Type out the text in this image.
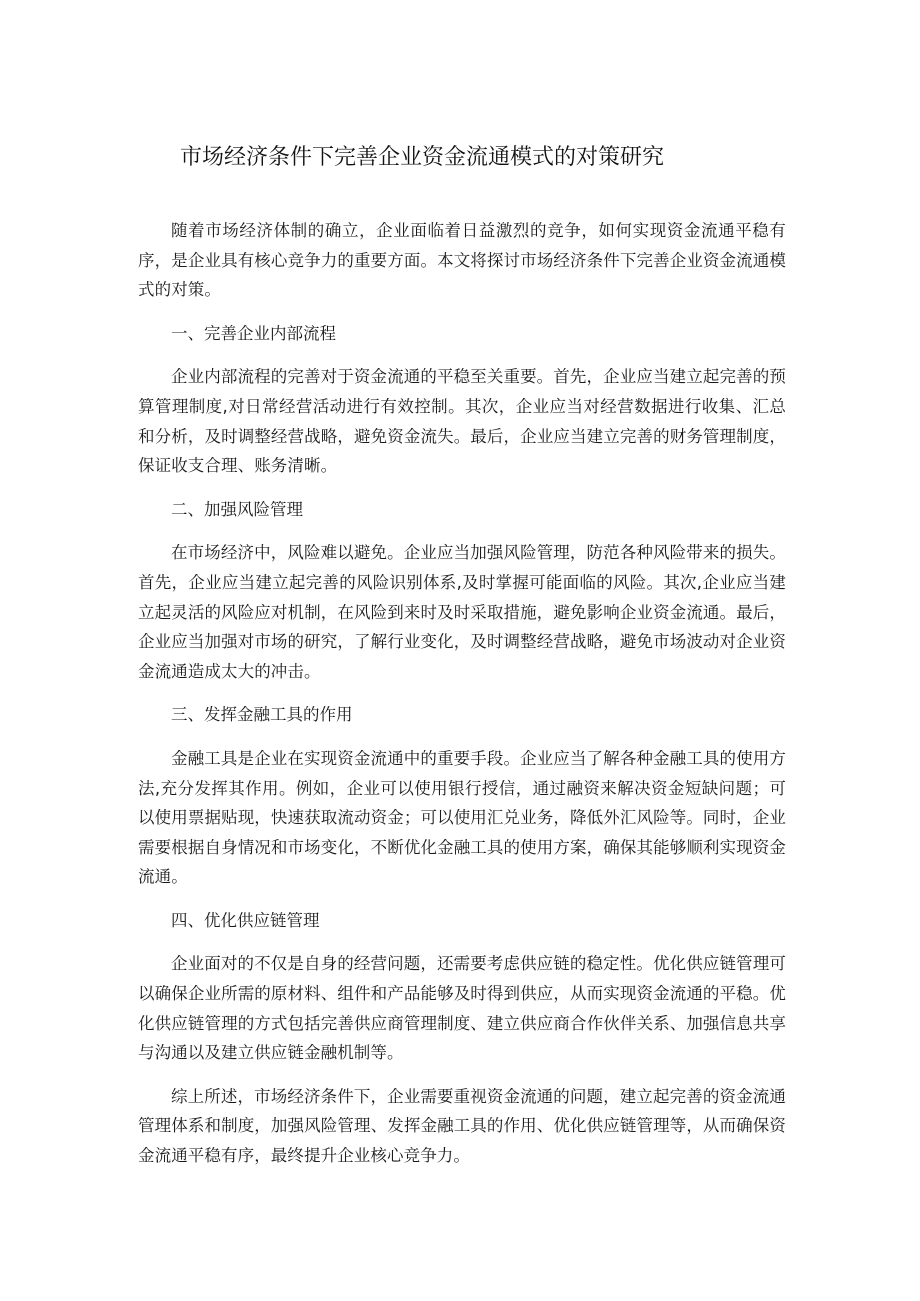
市场经济条件下完善企业资金流通模式的对策研究

随着市场经济体制的确立，企业面临着日益激烈的竞争，如何实现资金流通平稳有序，是企业具有核心竞争力的重要方面。本文将探讨市场经济条件下完善企业资金流通模式的对策。

一、完善企业内部流程

企业内部流程的完善对于资金流通的平稳至关重要。首先，企业应当建立起完善的预算管理制度,对日常经营活动进行有效控制。其次，企业应当对经营数据进行收集、汇总和分析，及时调整经营战略，避免资金流失。最后，企业应当建立完善的财务管理制度，保证收支合理、账务清晰。

二、加强风险管理

在市场经济中，风险难以避免。企业应当加强风险管理，防范各种风险带来的损失。首先，企业应当建立起完善的风险识别体系,及时掌握可能面临的风险。其次,企业应当建立起灵活的风险应对机制，在风险到来时及时采取措施，避免影响企业资金流通。最后，企业应当加强对市场的研究，了解行业变化，及时调整经营战略，避免市场波动对企业资金流通造成太大的冲击。

三、发挥金融工具的作用

金融工具是企业在实现资金流通中的重要手段。企业应当了解各种金融工具的使用方法,充分发挥其作用。例如，企业可以使用银行授信，通过融资来解决资金短缺问题；可以使用票据贴现，快速获取流动资金；可以使用汇兑业务，降低外汇风险等。同时，企业需要根据自身情况和市场变化，不断优化金融工具的使用方案，确保其能够顺利实现资金流通。

四、优化供应链管理

企业面对的不仅是自身的经营问题，还需要考虑供应链的稳定性。优化供应链管理可以确保企业所需的原材料、组件和产品能够及时得到供应，从而实现资金流通的平稳。优化供应链管理的方式包括完善供应商管理制度、建立供应商合作伙伴关系、加强信息共享与沟通以及建立供应链金融机制等。

综上所述，市场经济条件下，企业需要重视资金流通的问题，建立起完善的资金流通管理体系和制度，加强风险管理、发挥金融工具的作用、优化供应链管理等，从而确保资金流通平稳有序，最终提升企业核心竞争力。
